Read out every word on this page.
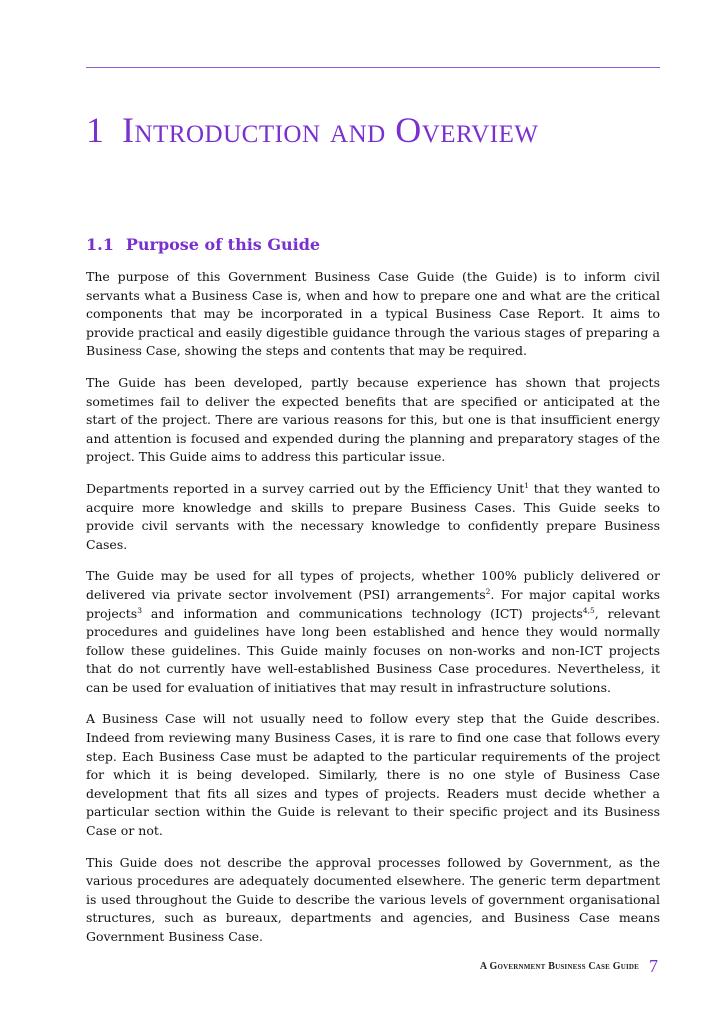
1 Introduction and Overview
1.1 Purpose of this Guide

The purpose of this Government Business Case Guide (the Guide) is to inform civil servants what a Business Case is, when and how to prepare one and what are the critical components that may be incorporated in a typical Business Case Report. It aims to provide practical and easily digestible guidance through the various stages of preparing a Business Case, showing the steps and contents that may be required.

The Guide has been developed, partly because experience has shown that projects sometimes fail to deliver the expected benefits that are specified or anticipated at the start of the project. There are various reasons for this, but one is that insufficient energy and attention is focused and expended during the planning and preparatory stages of the project. This Guide aims to address this particular issue.

Departments reported in a survey carried out by the Efficiency Unit$^1$ that they wanted to acquire more knowledge and skills to prepare Business Cases. This Guide seeks to provide civil servants with the necessary knowledge to confidently prepare Business Cases.

The Guide may be used for all types of projects, whether 100% publicly delivered or delivered via private sector involvement (PSI) arrangements$^2$. For major capital works projects$^3$ and information and communications technology (ICT) projects$^{4,5}$, relevant procedures and guidelines have long been established and hence they would normally follow these guidelines. This Guide mainly focuses on non-works and non-ICT projects that do not currently have well-established Business Case procedures. Nevertheless, it can be used for evaluation of initiatives that may result in infrastructure solutions.

A Business Case will not usually need to follow every step that the Guide describes. Indeed from reviewing many Business Cases, it is rare to find one case that follows every step. Each Business Case must be adapted to the particular requirements of the project for which it is being developed. Similarly, there is no one style of Business Case development that fits all sizes and types of projects. Readers must decide whether a particular section within the Guide is relevant to their specific project and its Business Case or not.

This Guide does not describe the approval processes followed by Government, as the various procedures are adequately documented elsewhere. The generic term department is used throughout the Guide to describe the various levels of government organisational structures, such as bureaux, departments and agencies, and Business Case means Government Business Case.

A Government Business Case Guide 7
